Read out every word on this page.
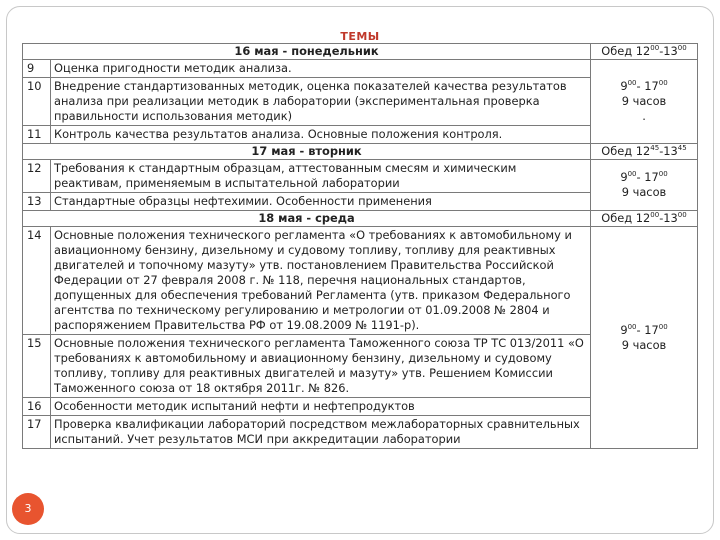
ТЕМЫ
16 мая - понедельник		Обед $12^{00}-13^{00}$
9	Оценка пригодности методик анализа.	$9^{00}-$ $17^{00}$
9 часов
.

10	Внедрение стандартизованных методик, оценка показателей качества результатов анализа при реализации методик в лаборатории (экспериментальная проверка правильности использования методик)	
11	Контроль качества результатов анализа. Основные положения контроля.	
17 мая - вторник		Обед $12^{45}-13^{45}$
12	Требования к стандартным образцам, аттестованным смесям и химическим реактивам, применяемым в испытательной лаборатории	$9^{00}-$ $17^{00}$
9 часов

13	Стандартные образцы нефтехимии. Особенности применения	
18 мая - среда		Обед $12^{00}-13^{00}$
14	Основные положения технического регламента «О требованиях к автомобильному и авиационному бензину, дизельному и судовому топливу, топливу для реактивных двигателей и топочному мазуту» утв. постановлением Правительства Российской Федерации от 27 февраля 2008 г. № 118, перечня национальных стандартов, допущенных для обеспечения требований Регламента (утв. приказом Федерального агентства по техническому регулированию и метрологии от 01.09.2008 № 2804 и распоряжением Правительства РФ от 19.08.2009 № 1191-р).	$9^{00}-$ $17^{00}$
9 часов

15	Основные положения технического регламента Таможенного союза ТР ТС 013/2011 «О требованиях к автомобильному и авиационному бензину, дизельному и судовому топливу, топливу для реактивных двигателей и мазуту» утв. Решением Комиссии Таможенного союза от 18 октября 2011г. № 826.	
16	Особенности методик испытаний нефти и нефтепродуктов	
17	Проверка квалификации лабораторий посредством межлабораторных сравнительных испытаний. Учет результатов МСИ при аккредитации лаборатории	
3
